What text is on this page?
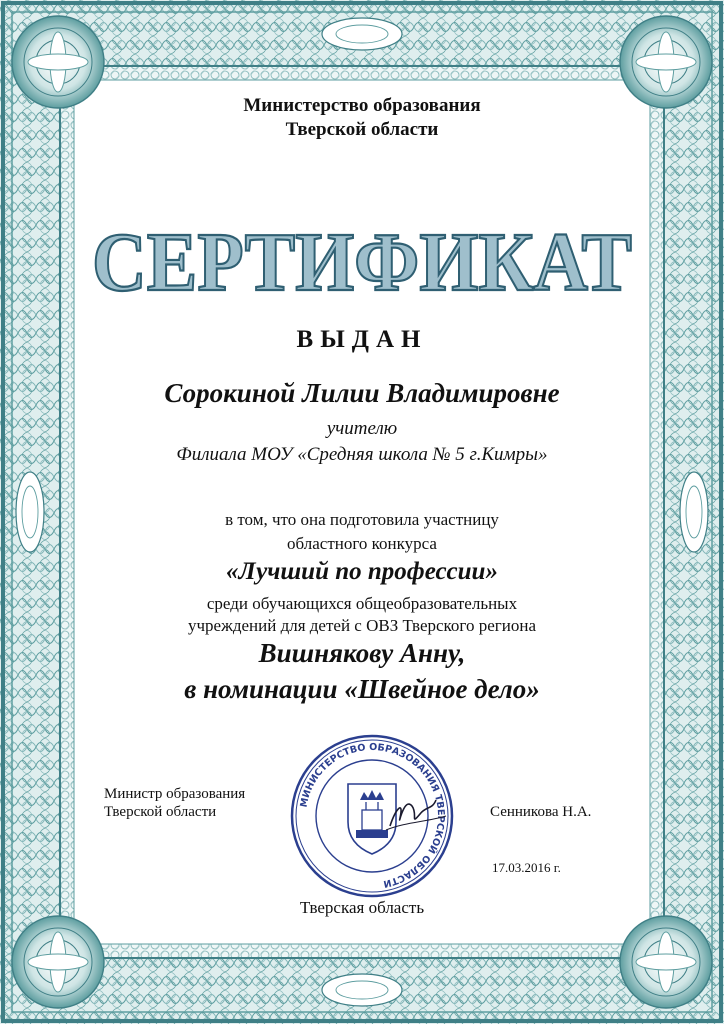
Министерство образования
Тверской области
СЕРТИФИКАТ
ВЫДАН
Сорокиной Лилии Владимировне
учителю
Филиала МОУ «Средняя школа № 5 г.Кимры»
в том, что она подготовила участницу
областного конкурса
«Лучший по профессии»
среди обучающихся общеобразовательных
учреждений для детей с ОВЗ Тверского региона
Вишнякову Анну,
в номинации «Швейное дело»
Министр образования
Тверской области
МИНИСТЕРСТВО ОБРАЗОВАНИЯ ТВЕРСКОЙ ОБЛАСТИ
Сенникова Н.А.
17.03.2016 г.
Тверская область
